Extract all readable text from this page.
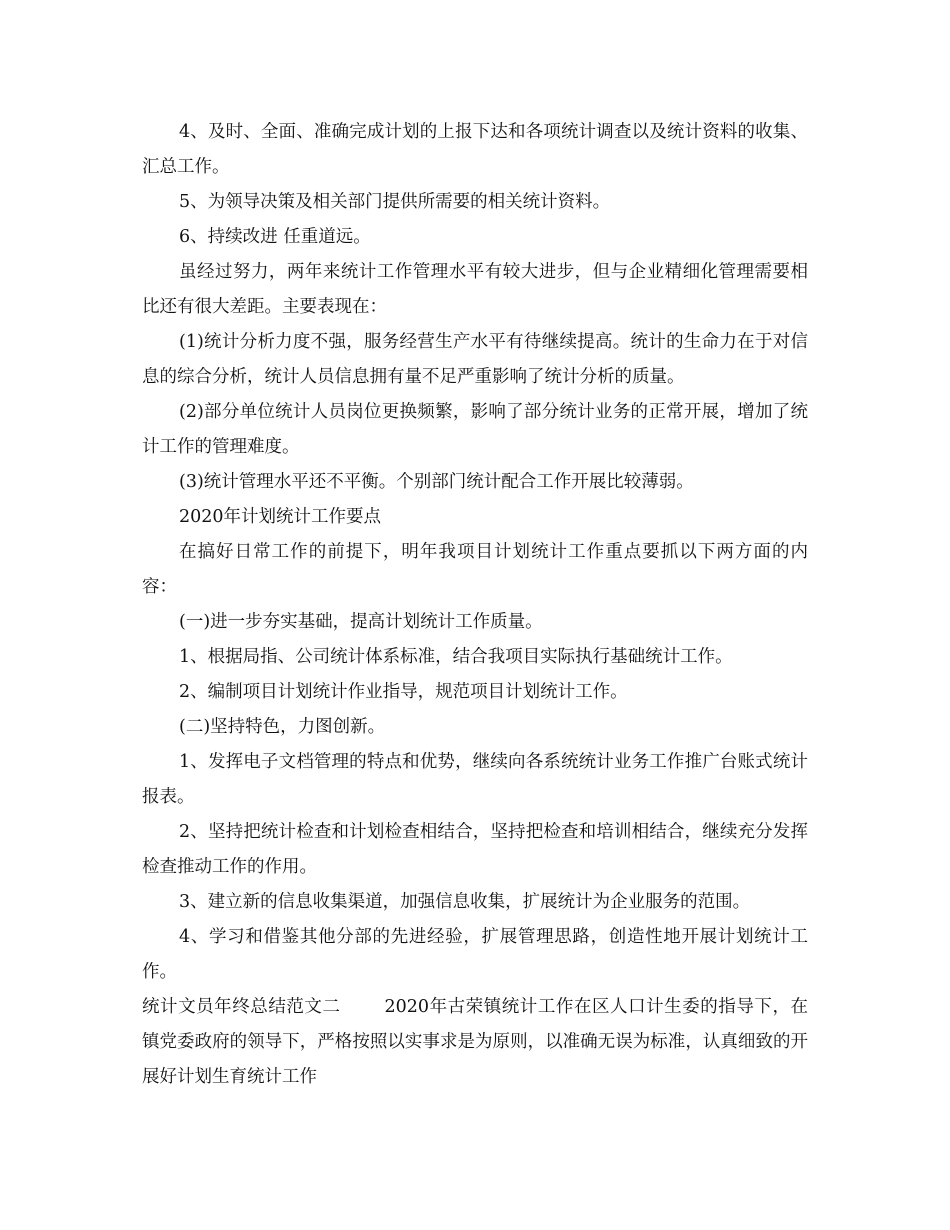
4、及时、全面、准确完成计划的上报下达和各项统计调查以及统计资料的收集、汇总工作。

5、为领导决策及相关部门提供所需要的相关统计资料。

6、持续改进 任重道远。

虽经过努力，两年来统计工作管理水平有较大进步，但与企业精细化管理需要相比还有很大差距。主要表现在：

(1)统计分析力度不强，服务经营生产水平有待继续提高。统计的生命力在于对信息的综合分析，统计人员信息拥有量不足严重影响了统计分析的质量。

(2)部分单位统计人员岗位更换频繁，影响了部分统计业务的正常开展，增加了统计工作的管理难度。

(3)统计管理水平还不平衡。个别部门统计配合工作开展比较薄弱。

2020年计划统计工作要点

在搞好日常工作的前提下，明年我项目计划统计工作重点要抓以下两方面的内容：

(一)进一步夯实基础，提高计划统计工作质量。

1、根据局指、公司统计体系标准，结合我项目实际执行基础统计工作。

2、编制项目计划统计作业指导，规范项目计划统计工作。

(二)坚持特色，力图创新。

1、发挥电子文档管理的特点和优势，继续向各系统统计业务工作推广台账式统计报表。

2、坚持把统计检查和计划检查相结合，坚持把检查和培训相结合，继续充分发挥检查推动工作的作用。

3、建立新的信息收集渠道，加强信息收集，扩展统计为企业服务的范围。

4、学习和借鉴其他分部的先进经验，扩展管理思路，创造性地开展计划统计工作。

统计文员年终总结范文二	2020年古荣镇统计工作在区人口计生委的指导下，在镇党委政府的领导下，严格按照以实事求是为原则，以准确无误为标准，认真细致的开展好计划生育统计工作
